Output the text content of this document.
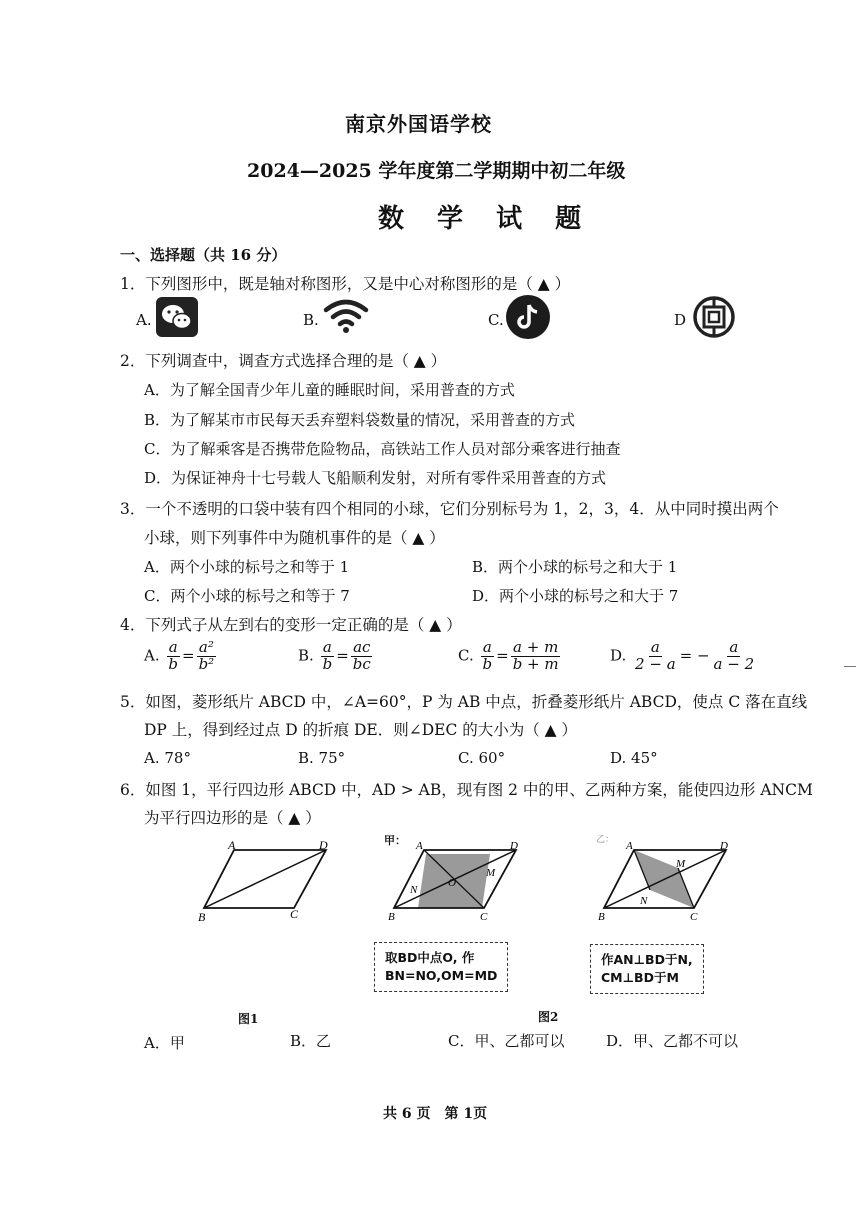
南京外国语学校
2024—2025 学年度第二学期期中初二年级
数 学 试 题
一、选择题（共 16 分）
1．下列图形中，既是轴对称图形，又是中心对称图形的是（ ▲ ）
A.	B.	C.	D
2．下列调查中，调查方式选择合理的是（ ▲ ）
A．为了解全国青少年儿童的睡眠时间，采用普查的方式
B．为了解某市市民每天丢弃塑料袋数量的情况，采用普查的方式
C．为了解乘客是否携带危险物品，高铁站工作人员对部分乘客进行抽查
D．为保证神舟十七号载人飞船顺利发射，对所有零件采用普查的方式
3．一个不透明的口袋中装有四个相同的小球，它们分别标号为 1，2，3，4．从中同时摸出两个
小球，则下列事件中为随机事件的是（ ▲ ）
A．两个小球的标号之和等于 1	B．两个小球的标号之和大于 1
C．两个小球的标号之和等于 7	D．两个小球的标号之和大于 7
4．下列式子从左到右的变形一定正确的是（ ▲ ）
A. $\frac{a}{b} = \frac{\text{a²}}{\text{b²}}$	B. $\frac{a}{b} = \frac{ac}{bc}$	C. $\frac{a}{b} = \frac{a + m}{b + m}$	D. $\frac{a}{2 - a}$ = − $\frac{a}{a - 2}$
5．如图，菱形纸片 ABCD 中，∠A=60°，P 为 AB 中点，折叠菱形纸片 ABCD，使点 C 落在直线
DP 上，得到经过点 D 的折痕 DE．则∠DEC 的大小为（ ▲ ）
A. 78°	B. 75°	C. 60°	D. 45°
6．如图 1，平行四边形 ABCD 中，AD > AB，现有图 2 中的甲、乙两种方案，能使四边形 ANCM
为平行四边形的是（ ▲ ）
A	D
B	C
甲： A	D
B	C
N
O
M
乙： A	D
B	C
N
M
取BD中点O, 作
BN=NO,OM=MD
作AN⊥BD于N,
CM⊥BD于M
图1	图2
A．甲	B．乙	C．甲、乙都可以	D．甲、乙都不可以
共 6 页　第 1页
